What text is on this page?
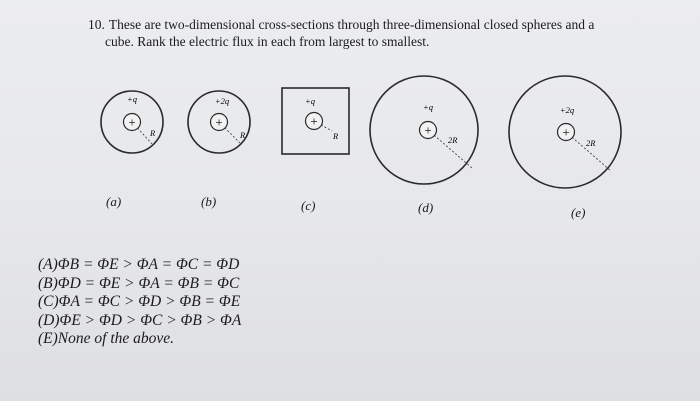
10. These are two-dimensional cross-sections through three-dimensional closed spheres and a
cube. Rank the electric flux in each from largest to smallest.
+
+q
R
+
+2q
R
+
+q
R	+
+q
2R
+
+2q
2R
(a)	(b)	(c)	(d)	(e)
(A)ΦB = ΦE > ΦA = ΦC = ΦD
(B)ΦD = ΦE > ΦA = ΦB = ΦC
(C)ΦA = ΦC > ΦD > ΦB = ΦE
(D)ΦE > ΦD > ΦC > ΦB > ΦA
(E)None of the above.
